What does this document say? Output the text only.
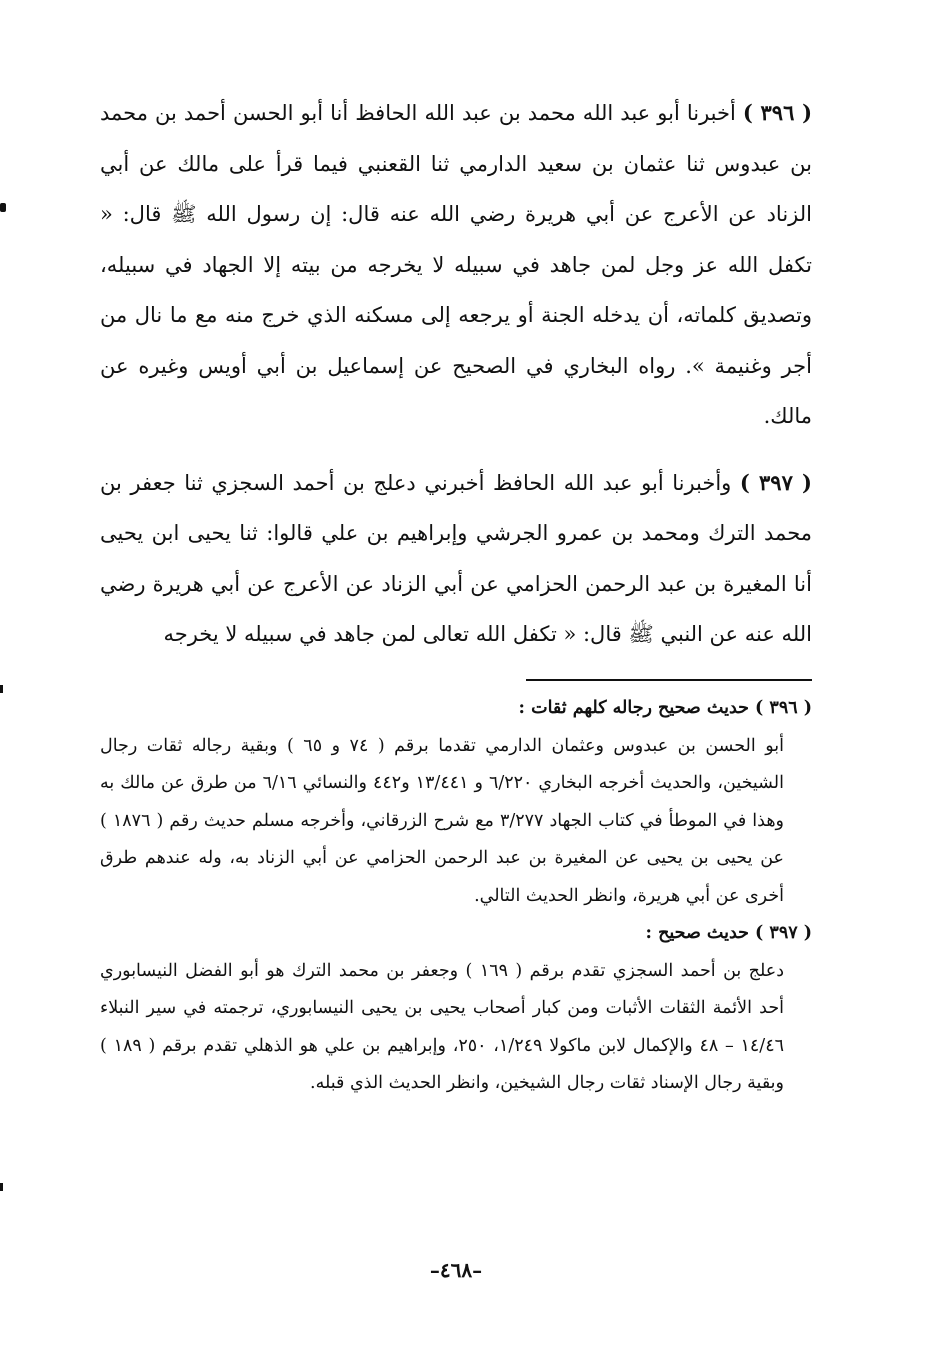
( ٣٩٦ ) أخبرنا أبو عبد الله محمد بن عبد الله الحافظ أنا أبو الحسن أحمد بن محمد بن عبدوس ثنا عثمان بن سعيد الدارمي ثنا القعنبي فيما قرأ على مالك عن أبي الزناد عن الأعرج عن أبي هريرة رضي الله عنه قال: إن رسول الله ﷺ قال: « تكفل الله عز وجل لمن جاهد في سبيله لا يخرجه من بيته إلا الجهاد في سبيله، وتصديق كلماته، أن يدخله الجنة أو يرجعه إلى مسكنه الذي خرج منه مع ما نال من أجر وغنيمة ». رواه البخاري في الصحيح عن إسماعيل بن أبي أويس وغيره عن مالك.

( ٣٩٧ ) وأخبرنا أبو عبد الله الحافظ أخبرني دعلج بن أحمد السجزي ثنا جعفر بن محمد الترك ومحمد بن عمرو الجرشي وإبراهيم بن علي قالوا: ثنا يحيى ابن يحيى أنا المغيرة بن عبد الرحمن الحزامي عن أبي الزناد عن الأعرج عن أبي هريرة رضي الله عنه عن النبي ﷺ قال: « تكفل الله تعالى لمن جاهد في سبيله لا يخرجه

( ٣٩٦ ) حديث صحيح رجاله كلهم ثقات :

أبو الحسن بن عبدوس وعثمان الدارمي تقدما برقم ( ٧٤ و ٦٥ ) وبقية رجاله ثقات رجال الشيخين، والحديث أخرجه البخاري ٦/٢٢٠ و ١٣/٤٤١ و٤٤٢ والنسائي ٦/١٦ من طرق عن مالك به وهذا في الموطأ في كتاب الجهاد ٣/٢٧٧ مع شرح الزرقاني، وأخرجه مسلم حديث رقم ( ١٨٧٦ ) عن يحيى بن يحيى عن المغيرة بن عبد الرحمن الحزامي عن أبي الزناد به، وله عندهم طرق أخرى عن أبي هريرة، وانظر الحديث التالي.

( ٣٩٧ ) حديث صحيح :

دعلج بن أحمد السجزي تقدم برقم ( ١٦٩ ) وجعفر بن محمد الترك هو أبو الفضل النيسابوري أحد الأئمة الثقات الأثبات ومن كبار أصحاب يحيى بن يحيى النيسابوري، ترجمته في سير النبلاء ١٤/٤٦ – ٤٨ والإكمال لابن ماكولا ١/٢٤٩، ٢٥٠، وإبراهيم بن علي هو الذهلي تقدم برقم ( ١٨٩ ) وبقية رجال الإسناد ثقات رجال الشيخين، وانظر الحديث الذي قبله.

–٤٦٨–
